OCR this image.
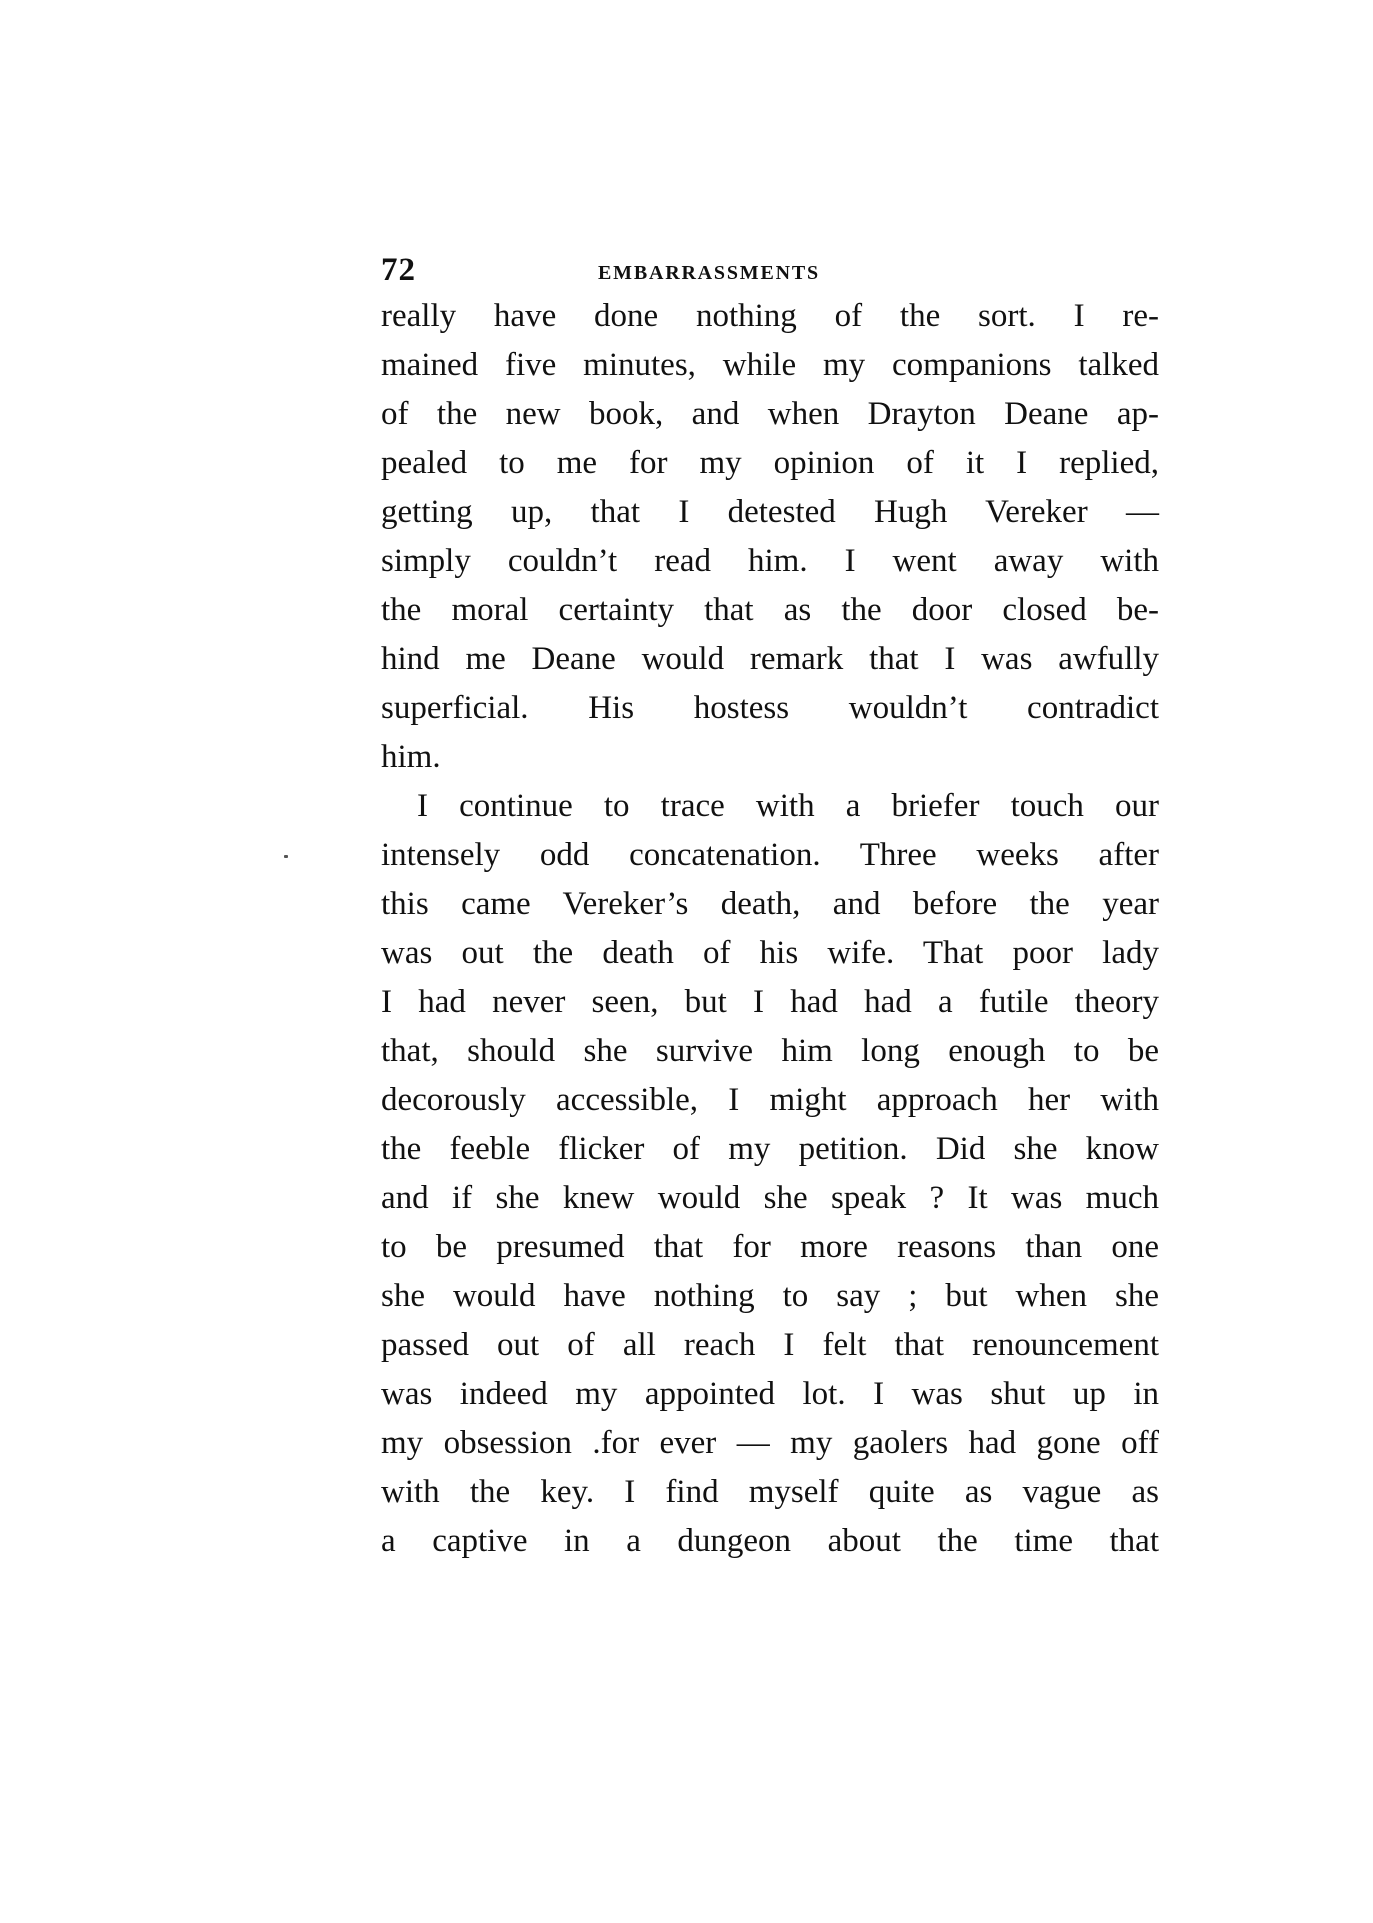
72	EMBARRASSMENTS
really have done nothing of the sort. I re-
mained five minutes, while my companions talked
of the new book, and when Drayton Deane ap-
pealed to me for my opinion of it I replied,
getting up, that I detested Hugh Vereker —
simply couldn’t read him. I went away with
the moral certainty that as the door closed be-
hind me Deane would remark that I was awfully
superficial. His hostess wouldn’t contradict
him.
I continue to trace with a briefer touch our
intensely odd concatenation. Three weeks after
this came Vereker’s death, and before the year
was out the death of his wife. That poor lady
I had never seen, but I had had a futile theory
that, should she survive him long enough to be
decorously accessible, I might approach her with
the feeble flicker of my petition. Did she know
and if she knew would she speak ? It was much
to be presumed that for more reasons than one
she would have nothing to say ; but when she
passed out of all reach I felt that renouncement
was indeed my appointed lot. I was shut up in
my obsession .for ever — my gaolers had gone off
with the key. I find myself quite as vague as
a captive in a dungeon about the time that
